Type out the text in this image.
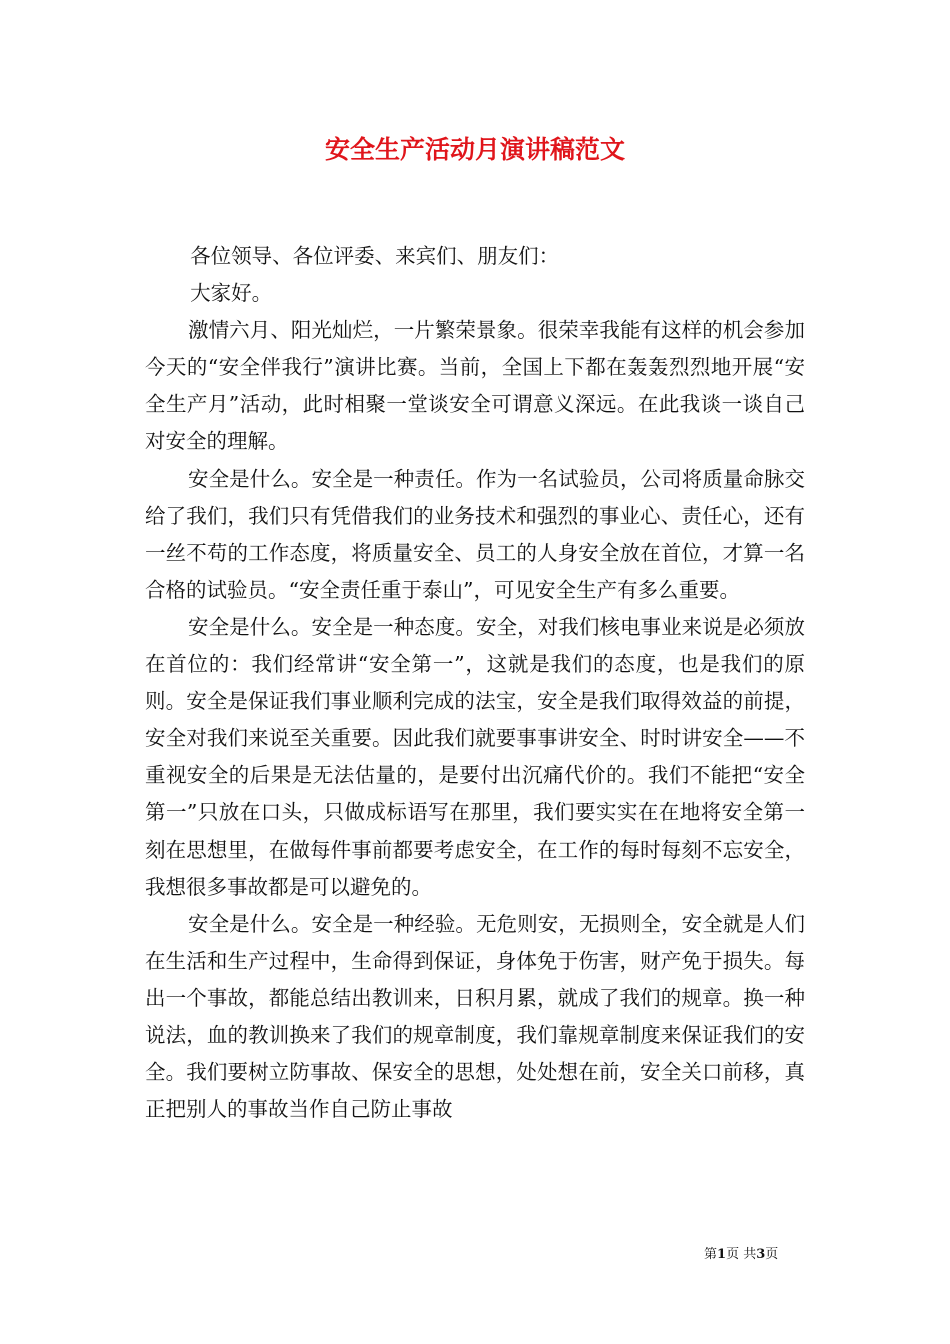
安全生产活动月演讲稿范文

各位领导、各位评委、来宾们、朋友们：

大家好。

激情六月、阳光灿烂，一片繁荣景象。很荣幸我能有这样的机会参加今天的“安全伴我行”演讲比赛。当前，全国上下都在轰轰烈烈地开展“安全生产月”活动，此时相聚一堂谈安全可谓意义深远。在此我谈一谈自己对安全的理解。

安全是什么。安全是一种责任。作为一名试验员，公司将质量命脉交给了我们，我们只有凭借我们的业务技术和强烈的事业心、责任心，还有一丝不苟的工作态度，将质量安全、员工的人身安全放在首位，才算一名合格的试验员。“安全责任重于泰山”，可见安全生产有多么重要。

安全是什么。安全是一种态度。安全，对我们核电事业来说是必须放在首位的：我们经常讲“安全第一”，这就是我们的态度，也是我们的原则。安全是保证我们事业顺利完成的法宝，安全是我们取得效益的前提，安全对我们来说至关重要。因此我们就要事事讲安全、时时讲安全——不重视安全的后果是无法估量的，是要付出沉痛代价的。我们不能把“安全第一”只放在口头，只做成标语写在那里，我们要实实在在地将安全第一刻在思想里，在做每件事前都要考虑安全，在工作的每时每刻不忘安全，我想很多事故都是可以避免的。

安全是什么。安全是一种经验。无危则安，无损则全，安全就是人们在生活和生产过程中，生命得到保证，身体免于伤害，财产免于损失。每出一个事故，都能总结出教训来，日积月累，就成了我们的规章。换一种说法，血的教训换来了我们的规章制度，我们靠规章制度来保证我们的安全。我们要树立防事故、保安全的思想，处处想在前，安全关口前移，真正把别人的事故当作自己防止事故

第1页 共3页
